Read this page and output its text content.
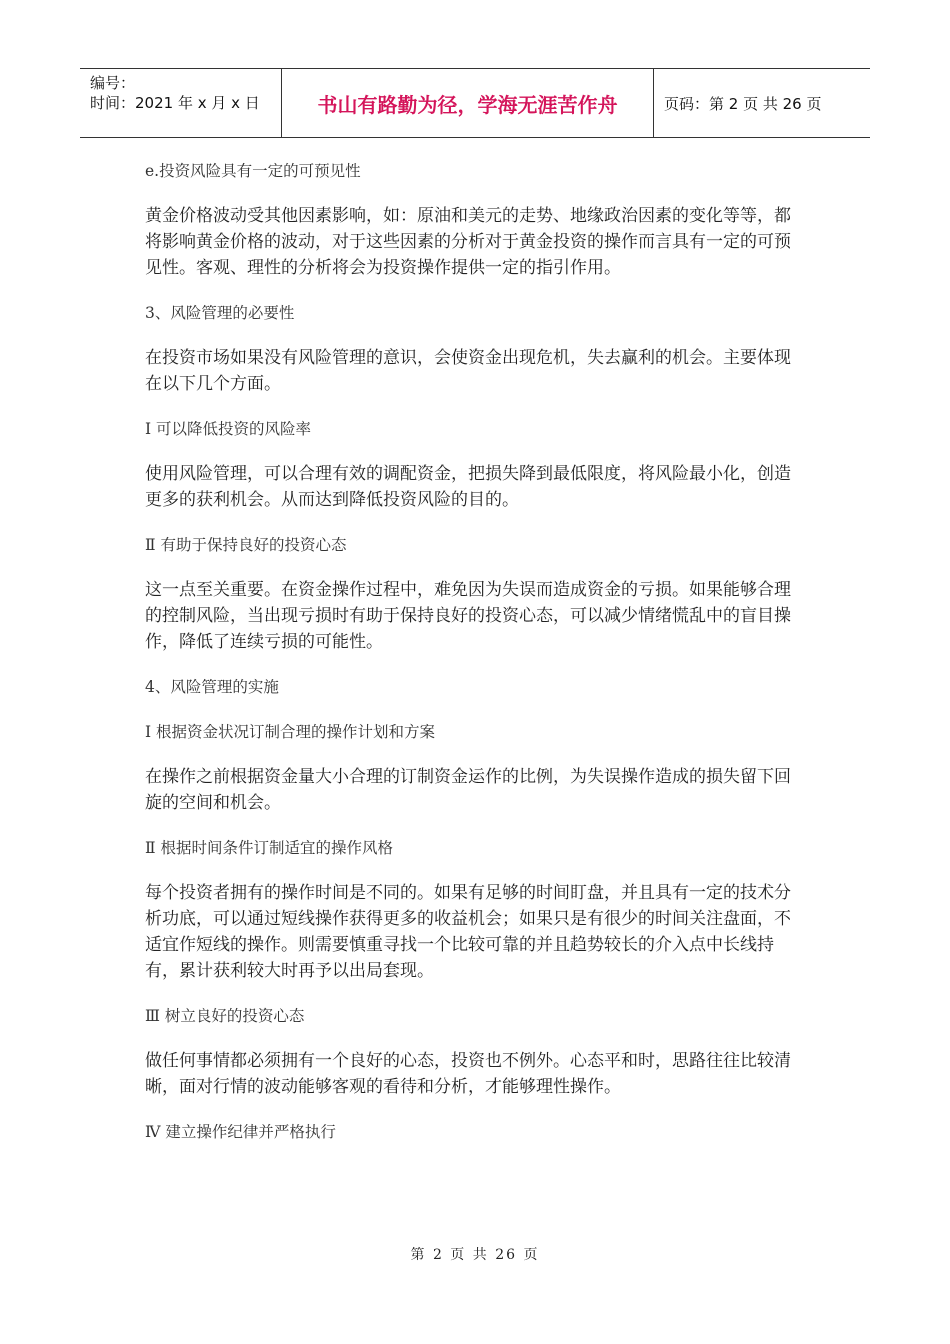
编号：
时间：2021 年 x 月 x 日	书山有路勤为径，学海无涯苦作舟	页码：第 2 页 共 26 页
e.投资风险具有一定的可预见性
黄金价格波动受其他因素影响，如：原油和美元的走势、地缘政治因素的变化等等，都将影响黄金价格的波动，对于这些因素的分析对于黄金投资的操作而言具有一定的可预见性。客观、理性的分析将会为投资操作提供一定的指引作用。
3、风险管理的必要性
在投资市场如果没有风险管理的意识，会使资金出现危机，失去赢利的机会。主要体现在以下几个方面。
Ⅰ 可以降低投资的风险率
使用风险管理，可以合理有效的调配资金，把损失降到最低限度，将风险最小化，创造更多的获利机会。从而达到降低投资风险的目的。
Ⅱ 有助于保持良好的投资心态
这一点至关重要。在资金操作过程中，难免因为失误而造成资金的亏损。如果能够合理的控制风险，当出现亏损时有助于保持良好的投资心态，可以减少情绪慌乱中的盲目操作，降低了连续亏损的可能性。
4、风险管理的实施
Ⅰ 根据资金状况订制合理的操作计划和方案
在操作之前根据资金量大小合理的订制资金运作的比例，为失误操作造成的损失留下回旋的空间和机会。
Ⅱ 根据时间条件订制适宜的操作风格
每个投资者拥有的操作时间是不同的。如果有足够的时间盯盘，并且具有一定的技术分析功底，可以通过短线操作获得更多的收益机会；如果只是有很少的时间关注盘面，不适宜作短线的操作。则需要慎重寻找一个比较可靠的并且趋势较长的介入点中长线持有，累计获利较大时再予以出局套现。
Ⅲ 树立良好的投资心态
做任何事情都必须拥有一个良好的心态，投资也不例外。心态平和时，思路往往比较清晰，面对行情的波动能够客观的看待和分析，才能够理性操作。
Ⅳ 建立操作纪律并严格执行
第 2 页 共 26 页
